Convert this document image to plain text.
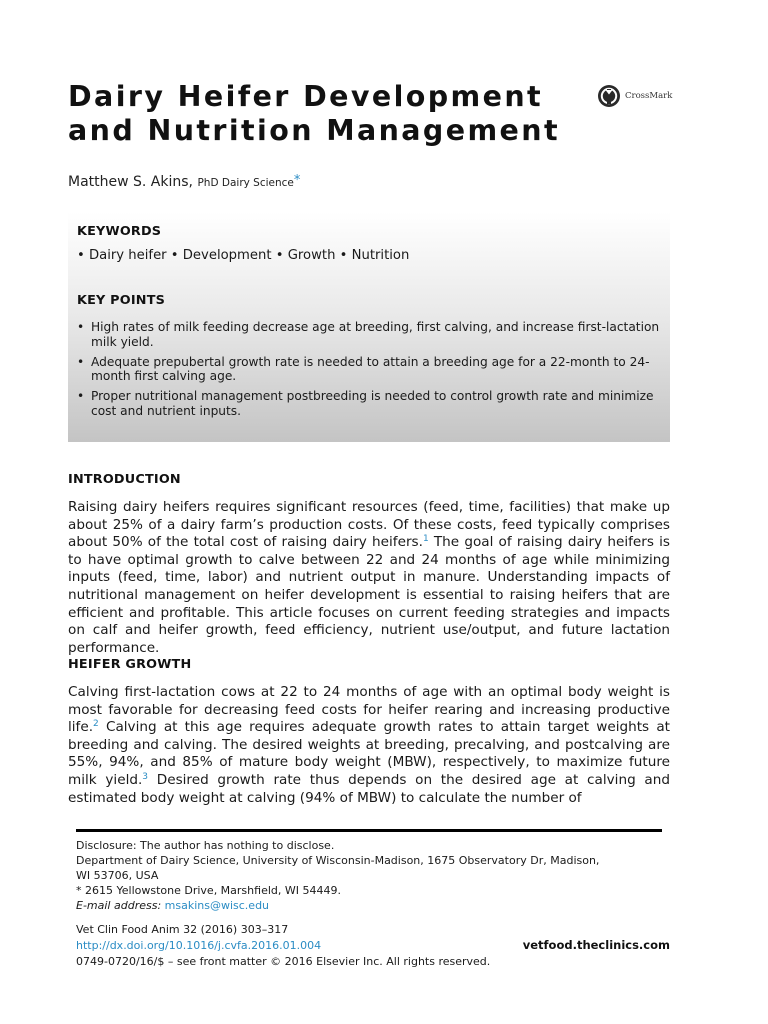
Dairy Heifer Development
and Nutrition Management
CrossMark
Matthew S. Akins, PhD Dairy Science*
KEYWORDS
• Dairy heifer • Development • Growth • Nutrition
KEY POINTS
• High rates of milk feeding decrease age at breeding, first calving, and increase first-lactation milk yield.
• Adequate prepubertal growth rate is needed to attain a breeding age for a 22-month to 24-month first calving age.
• Proper nutritional management postbreeding is needed to control growth rate and minimize cost and nutrient inputs.
INTRODUCTION

Raising dairy heifers requires significant resources (feed, time, facilities) that make up about 25% of a dairy farm’s production costs. Of these costs, feed typically comprises about 50% of the total cost of raising dairy heifers.$^1$ The goal of raising dairy heifers is to have optimal growth to calve between 22 and 24 months of age while minimizing inputs (feed, time, labor) and nutrient output in manure. Understanding impacts of nutritional management on heifer development is essential to raising heifers that are efficient and profitable. This article focuses on current feeding strategies and impacts on calf and heifer growth, feed efficiency, nutrient use/output, and future lactation performance.

HEIFER GROWTH

Calving first-lactation cows at 22 to 24 months of age with an optimal body weight is most favorable for decreasing feed costs for heifer rearing and increasing productive life.$^2$ Calving at this age requires adequate growth rates to attain target weights at breeding and calving. The desired weights at breeding, precalving, and postcalving are 55%, 94%, and 85% of mature body weight (MBW), respectively, to maximize future milk yield.$^3$ Desired growth rate thus depends on the desired age at calving and estimated body weight at calving (94% of MBW) to calculate the number of

Disclosure: The author has nothing to disclose.
Department of Dairy Science, University of Wisconsin-Madison, 1675 Observatory Dr, Madison,
WI 53706, USA
* 2615 Yellowstone Drive, Marshfield, WI 54449.
E-mail address: msakins@wisc.edu
Vet Clin Food Anim 32 (2016) 303–317
http://dx.doi.org/10.1016/j.cvfa.2016.01.004
0749-0720/16/$ – see front matter © 2016 Elsevier Inc. All rights reserved.
vetfood.theclinics.com
